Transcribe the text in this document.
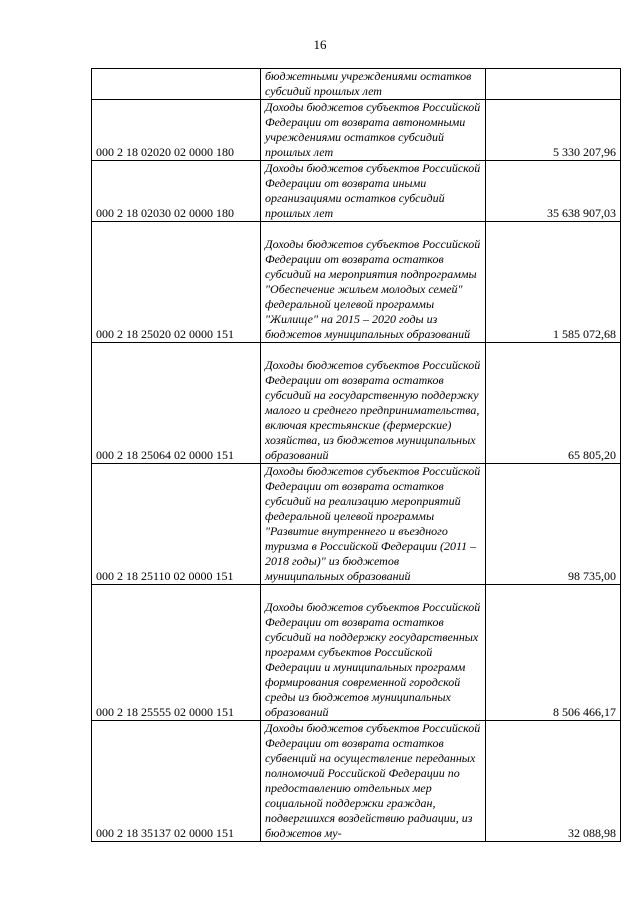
16

	бюджетными учреждениями остатков субсидий прошлых лет	

000 2 18 02020 02 0000 180	Доходы бюджетов субъектов Российской Федерации от возврата автономными учреждениями остатков субсидий прошлых лет	5 330 207,96
000 2 18 02030 02 0000 180	Доходы бюджетов субъектов Российской Федерации от возврата иными организациями остатков субсидий прошлых лет	35 638 907,03
000 2 18 25020 02 0000 151	Доходы бюджетов субъектов Российской Федерации от возврата остатков субсидий на мероприятия подпрограммы "Обеспечение жильем молодых семей" федеральной целевой программы "Жилище" на 2015 – 2020 годы из бюджетов муниципальных образований	1 585 072,68
000 2 18 25064 02 0000 151	Доходы бюджетов субъектов Российской Федерации от возврата остатков субсидий на государственную поддержку малого и среднего предпринимательства, включая крестьянские (фермерские) хозяйства, из бюджетов муниципальных образований	65 805,20
000 2 18 25110 02 0000 151	Доходы бюджетов субъектов Российской Федерации от возврата остатков субсидий на реализацию мероприятий федеральной целевой программы "Развитие внутреннего и въездного туризма в Российской Федерации (2011 – 2018 годы)" из бюджетов муниципальных образований	98 735,00
000 2 18 25555 02 0000 151	Доходы бюджетов субъектов Российской Федерации от возврата остатков субсидий на поддержку государственных программ субъектов Российской Федерации и муниципальных программ формирования современной городской среды из бюджетов муниципальных образований	8 506 466,17
000 2 18 35137 02 0000 151	Доходы бюджетов субъектов Российской Федерации от возврата остатков субвенций на осуществление переданных полномочий Российской Федерации по предоставлению отдельных мер социальной поддержки граждан, подвергшихся воздействию радиации, из бюджетов му-	32 088,98
